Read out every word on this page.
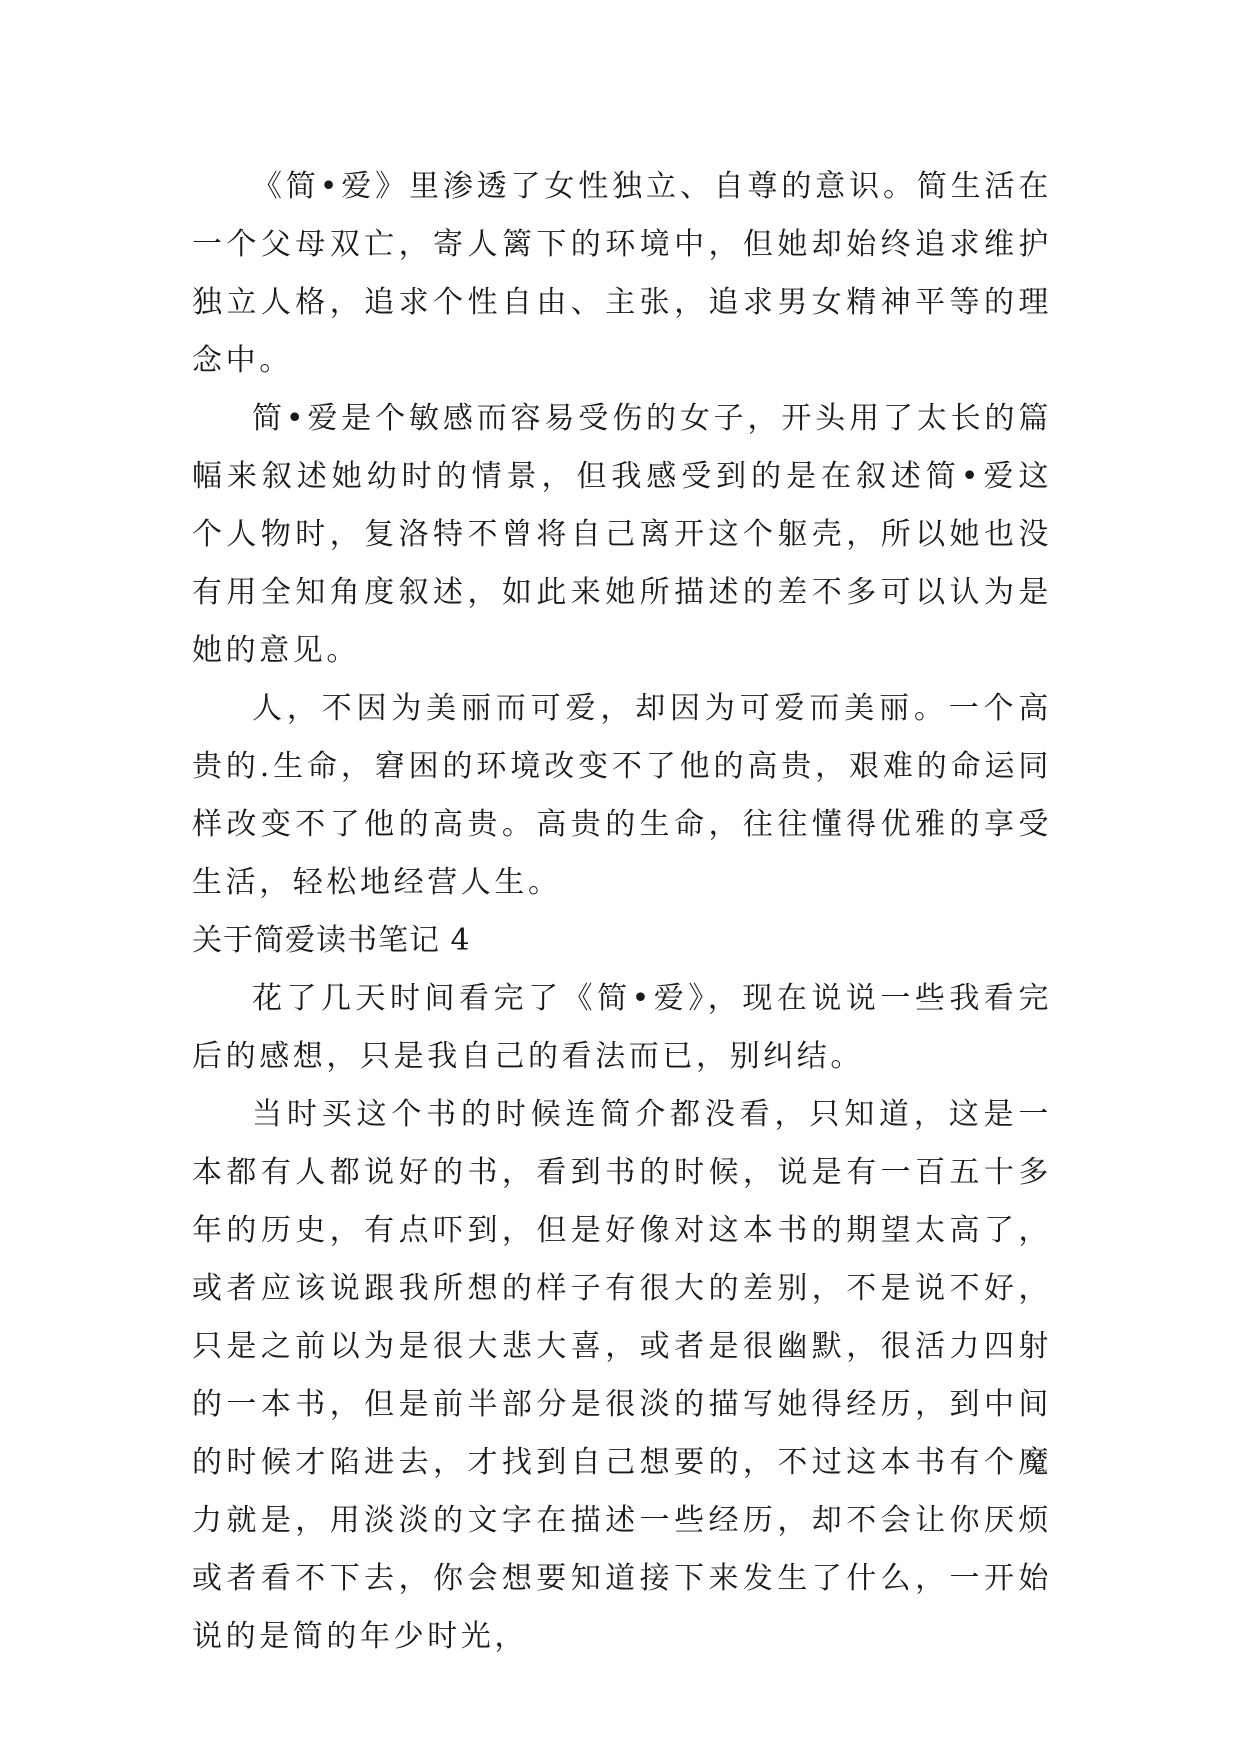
《简•爱》里渗透了女性独立、自尊的意识。简生活在一个父母双亡，寄人篱下的环境中，但她却始终追求维护独立人格，追求个性自由、主张，追求男女精神平等的理念中。

简•爱是个敏感而容易受伤的女子，开头用了太长的篇幅来叙述她幼时的情景，但我感受到的是在叙述简•爱这个人物时，复洛特不曾将自己离开这个躯壳，所以她也没有用全知角度叙述，如此来她所描述的差不多可以认为是她的意见。

人，不因为美丽而可爱，却因为可爱而美丽。一个高贵的.生命，窘困的环境改变不了他的高贵，艰难的命运同样改变不了他的高贵。高贵的生命，往往懂得优雅的享受生活，轻松地经营人生。

关于简爱读书笔记 4

花了几天时间看完了《简•爱》，现在说说一些我看完后的感想，只是我自己的看法而已，别纠结。

当时买这个书的时候连简介都没看，只知道，这是一本都有人都说好的书，看到书的时候，说是有一百五十多年的历史，有点吓到，但是好像对这本书的期望太高了，或者应该说跟我所想的样子有很大的差别，不是说不好，只是之前以为是很大悲大喜，或者是很幽默，很活力四射的一本书，但是前半部分是很淡的描写她得经历，到中间的时候才陷进去，才找到自己想要的，不过这本书有个魔力就是，用淡淡的文字在描述一些经历，却不会让你厌烦或者看不下去，你会想要知道接下来发生了什么，一开始说的是简的年少时光，
